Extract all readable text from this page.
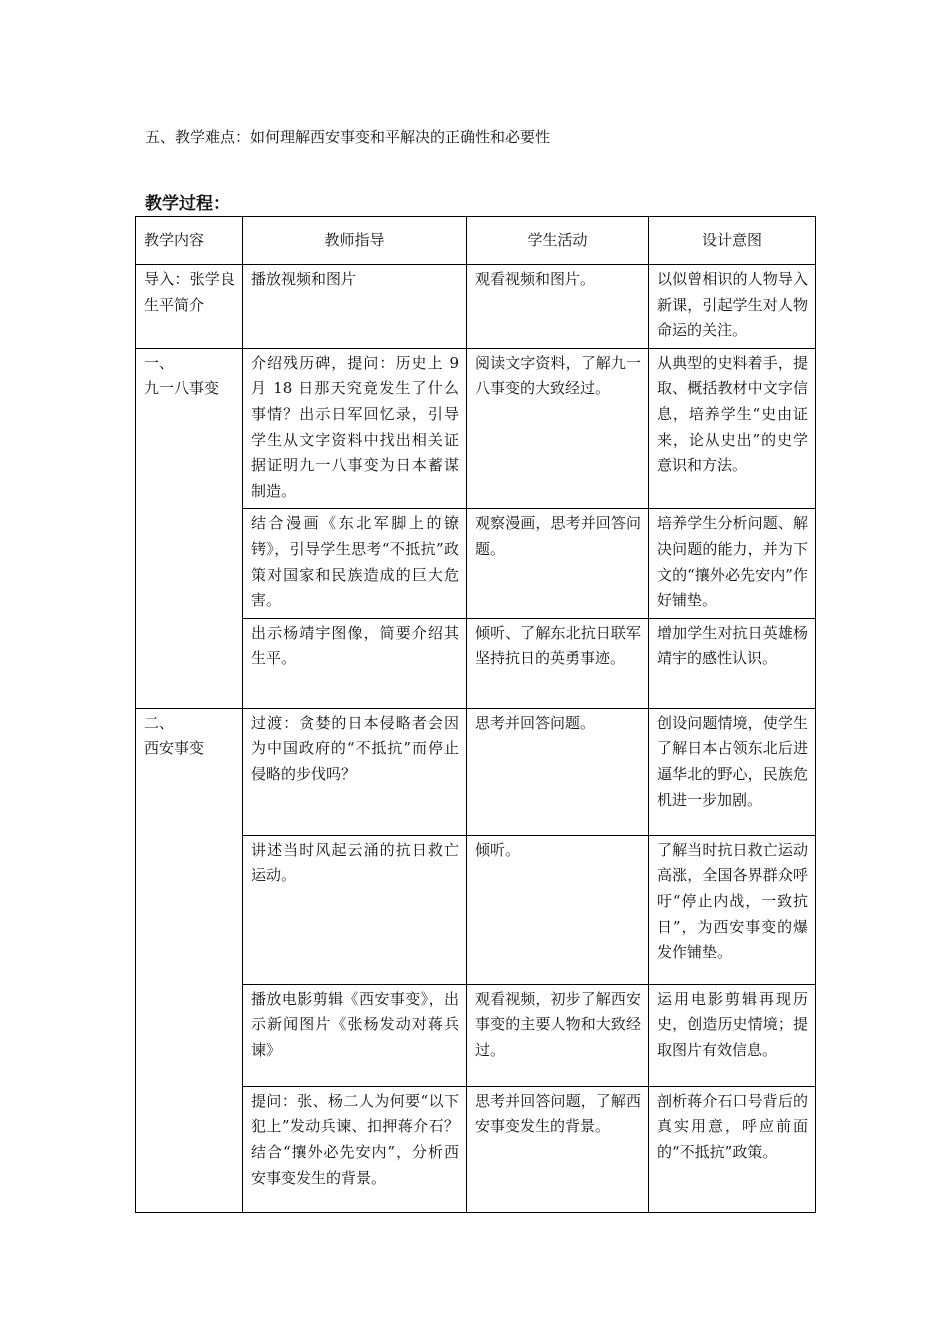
五、教学难点：如何理解西安事变和平解决的正确性和必要性
教学过程：
教学内容	教师指导	学生活动	设计意图
导入：张学良生平简介	播放视频和图片	观看视频和图片。	以似曾相识的人物导入新课，引起学生对人物命运的关注。

一、
九一八事变	介绍残历碑，提问：历史上 9 月 18 日那天究竟发生了什么事情？出示日军回忆录，引导学生从文字资料中找出相关证据证明九一八事变为日本蓄谋制造。	阅读文字资料，了解九一八事变的大致经过。	从典型的史料着手，提取、概括教材中文字信息，培养学生“史由证来，论从史出”的史学意识和方法。
	结合漫画《东北军脚上的镣铐》，引导学生思考“不抵抗”政策对国家和民族造成的巨大危害。	观察漫画，思考并回答问题。	培养学生分析问题、解决问题的能力，并为下文的“攘外必先安内”作好铺垫。
	出示杨靖宇图像，简要介绍其生平。	倾听、了解东北抗日联军坚持抗日的英勇事迹。	增加学生对抗日英雄杨靖宇的感性认识。

二、
西安事变	过渡：贪婪的日本侵略者会因为中国政府的“不抵抗”而停止侵略的步伐吗？	思考并回答问题。	创设问题情境，使学生了解日本占领东北后进逼华北的野心，民族危机进一步加剧。
	讲述当时风起云涌的抗日救亡运动。	倾听。	了解当时抗日救亡运动高涨，全国各界群众呼吁“停止内战，一致抗日”，为西安事变的爆发作铺垫。
	播放电影剪辑《西安事变》，出示新闻图片《张杨发动对蒋兵谏》	观看视频，初步了解西安事变的主要人物和大致经过。	运用电影剪辑再现历史，创造历史情境；提取图片有效信息。
	提问：张、杨二人为何要“以下犯上”发动兵谏、扣押蒋介石？结合“攘外必先安内”，分析西安事变发生的背景。	思考并回答问题，了解西安事变发生的背景。	剖析蒋介石口号背后的真实用意，呼应前面的“不抵抗”政策。
